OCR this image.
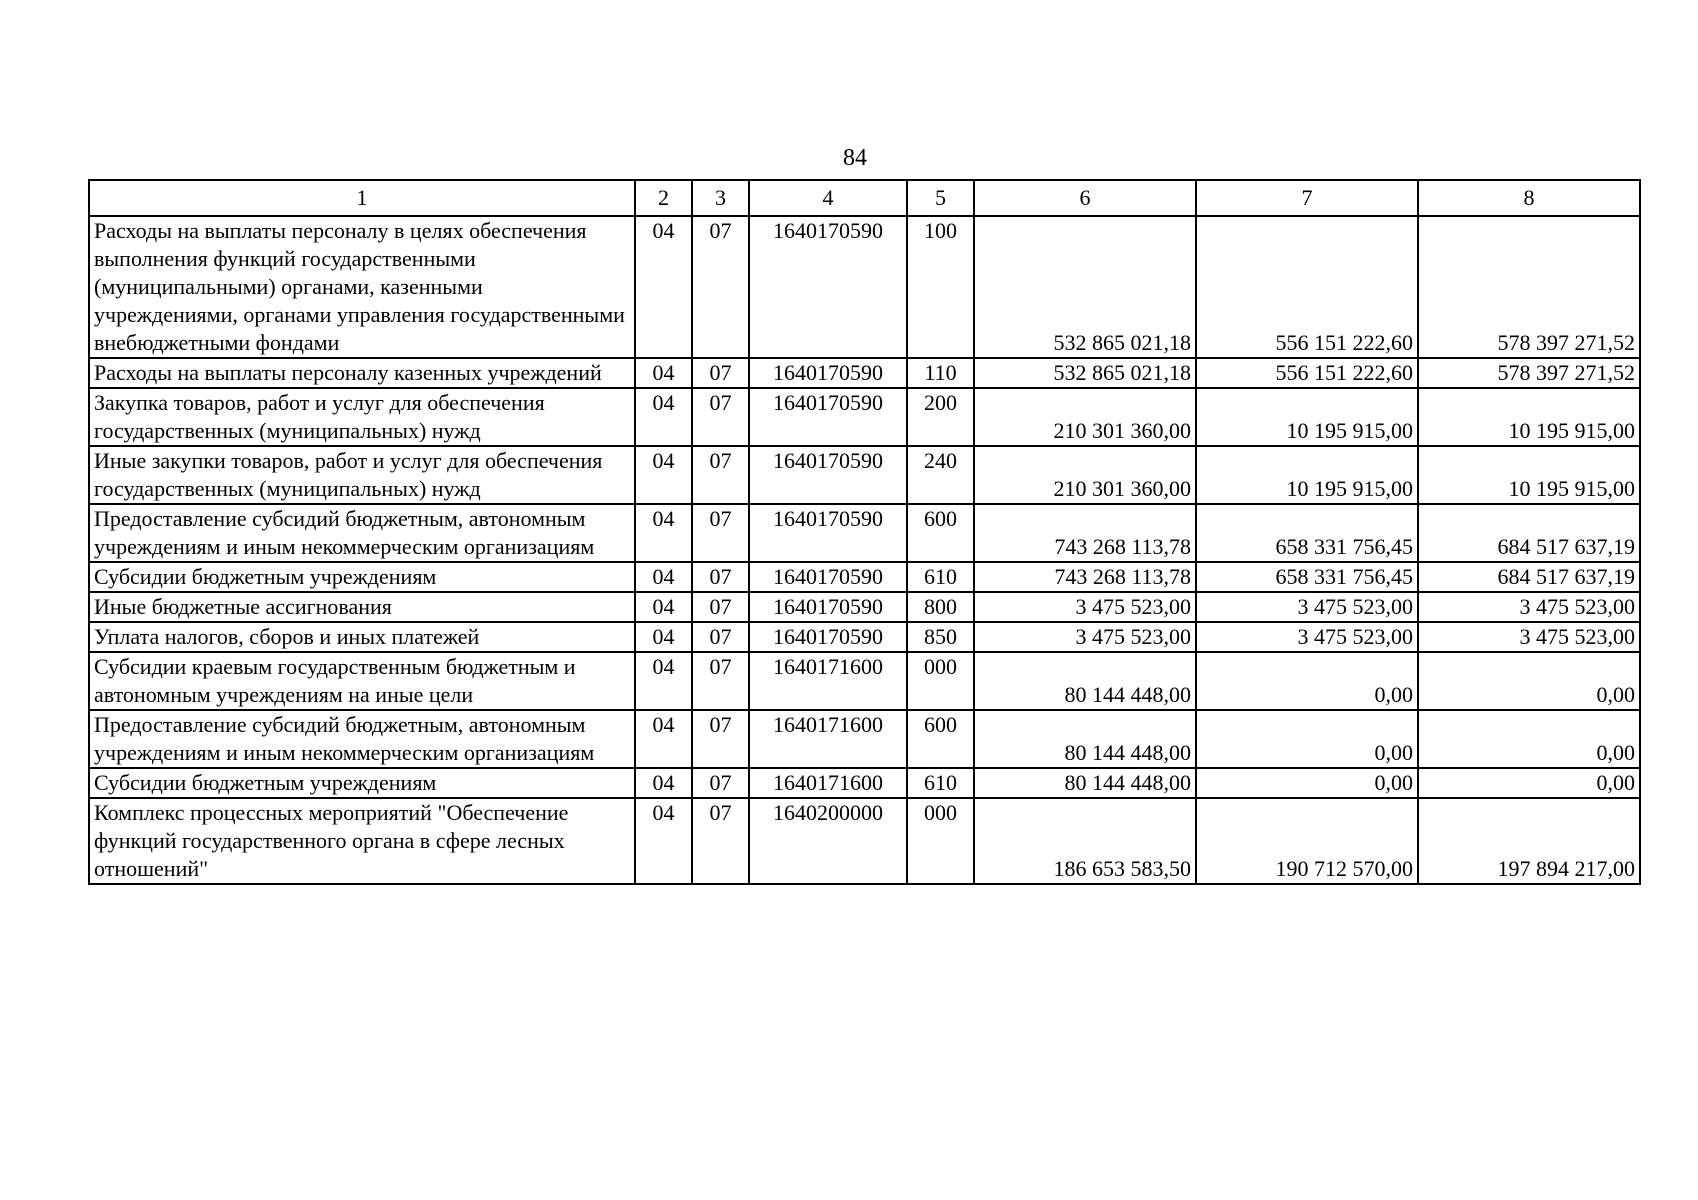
84
1	2	3	4	5	6	7	8
Расходы на выплаты персоналу в целях обеспечения выполнения функций государственными (муниципальными) органами, казенными учреждениями, органами управления государственными внебюджетными фондами	04	07	1640170590	100	532 865 021,18	556 151 222,60	578 397 271,52
Расходы на выплаты персоналу казенных учреждений	04	07	1640170590	110	532 865 021,18	556 151 222,60	578 397 271,52
Закупка товаров, работ и услуг для обеспечения государственных (муниципальных) нужд	04	07	1640170590	200	210 301 360,00	10 195 915,00	10 195 915,00
Иные закупки товаров, работ и услуг для обеспечения государственных (муниципальных) нужд	04	07	1640170590	240	210 301 360,00	10 195 915,00	10 195 915,00
Предоставление субсидий бюджетным, автономным учреждениям и иным некоммерческим организациям	04	07	1640170590	600	743 268 113,78	658 331 756,45	684 517 637,19
Субсидии бюджетным учреждениям	04	07	1640170590	610	743 268 113,78	658 331 756,45	684 517 637,19
Иные бюджетные ассигнования	04	07	1640170590	800	3 475 523,00	3 475 523,00	3 475 523,00
Уплата налогов, сборов и иных платежей	04	07	1640170590	850	3 475 523,00	3 475 523,00	3 475 523,00
Субсидии краевым государственным бюджетным и автономным учреждениям на иные цели	04	07	1640171600	000	80 144 448,00	0,00	0,00
Предоставление субсидий бюджетным, автономным учреждениям и иным некоммерческим организациям	04	07	1640171600	600	80 144 448,00	0,00	0,00
Субсидии бюджетным учреждениям	04	07	1640171600	610	80 144 448,00	0,00	0,00
Комплекс процессных мероприятий "Обеспечение функций государственного органа в сфере лесных отношений"	04	07	1640200000	000	186 653 583,50	190 712 570,00	197 894 217,00
